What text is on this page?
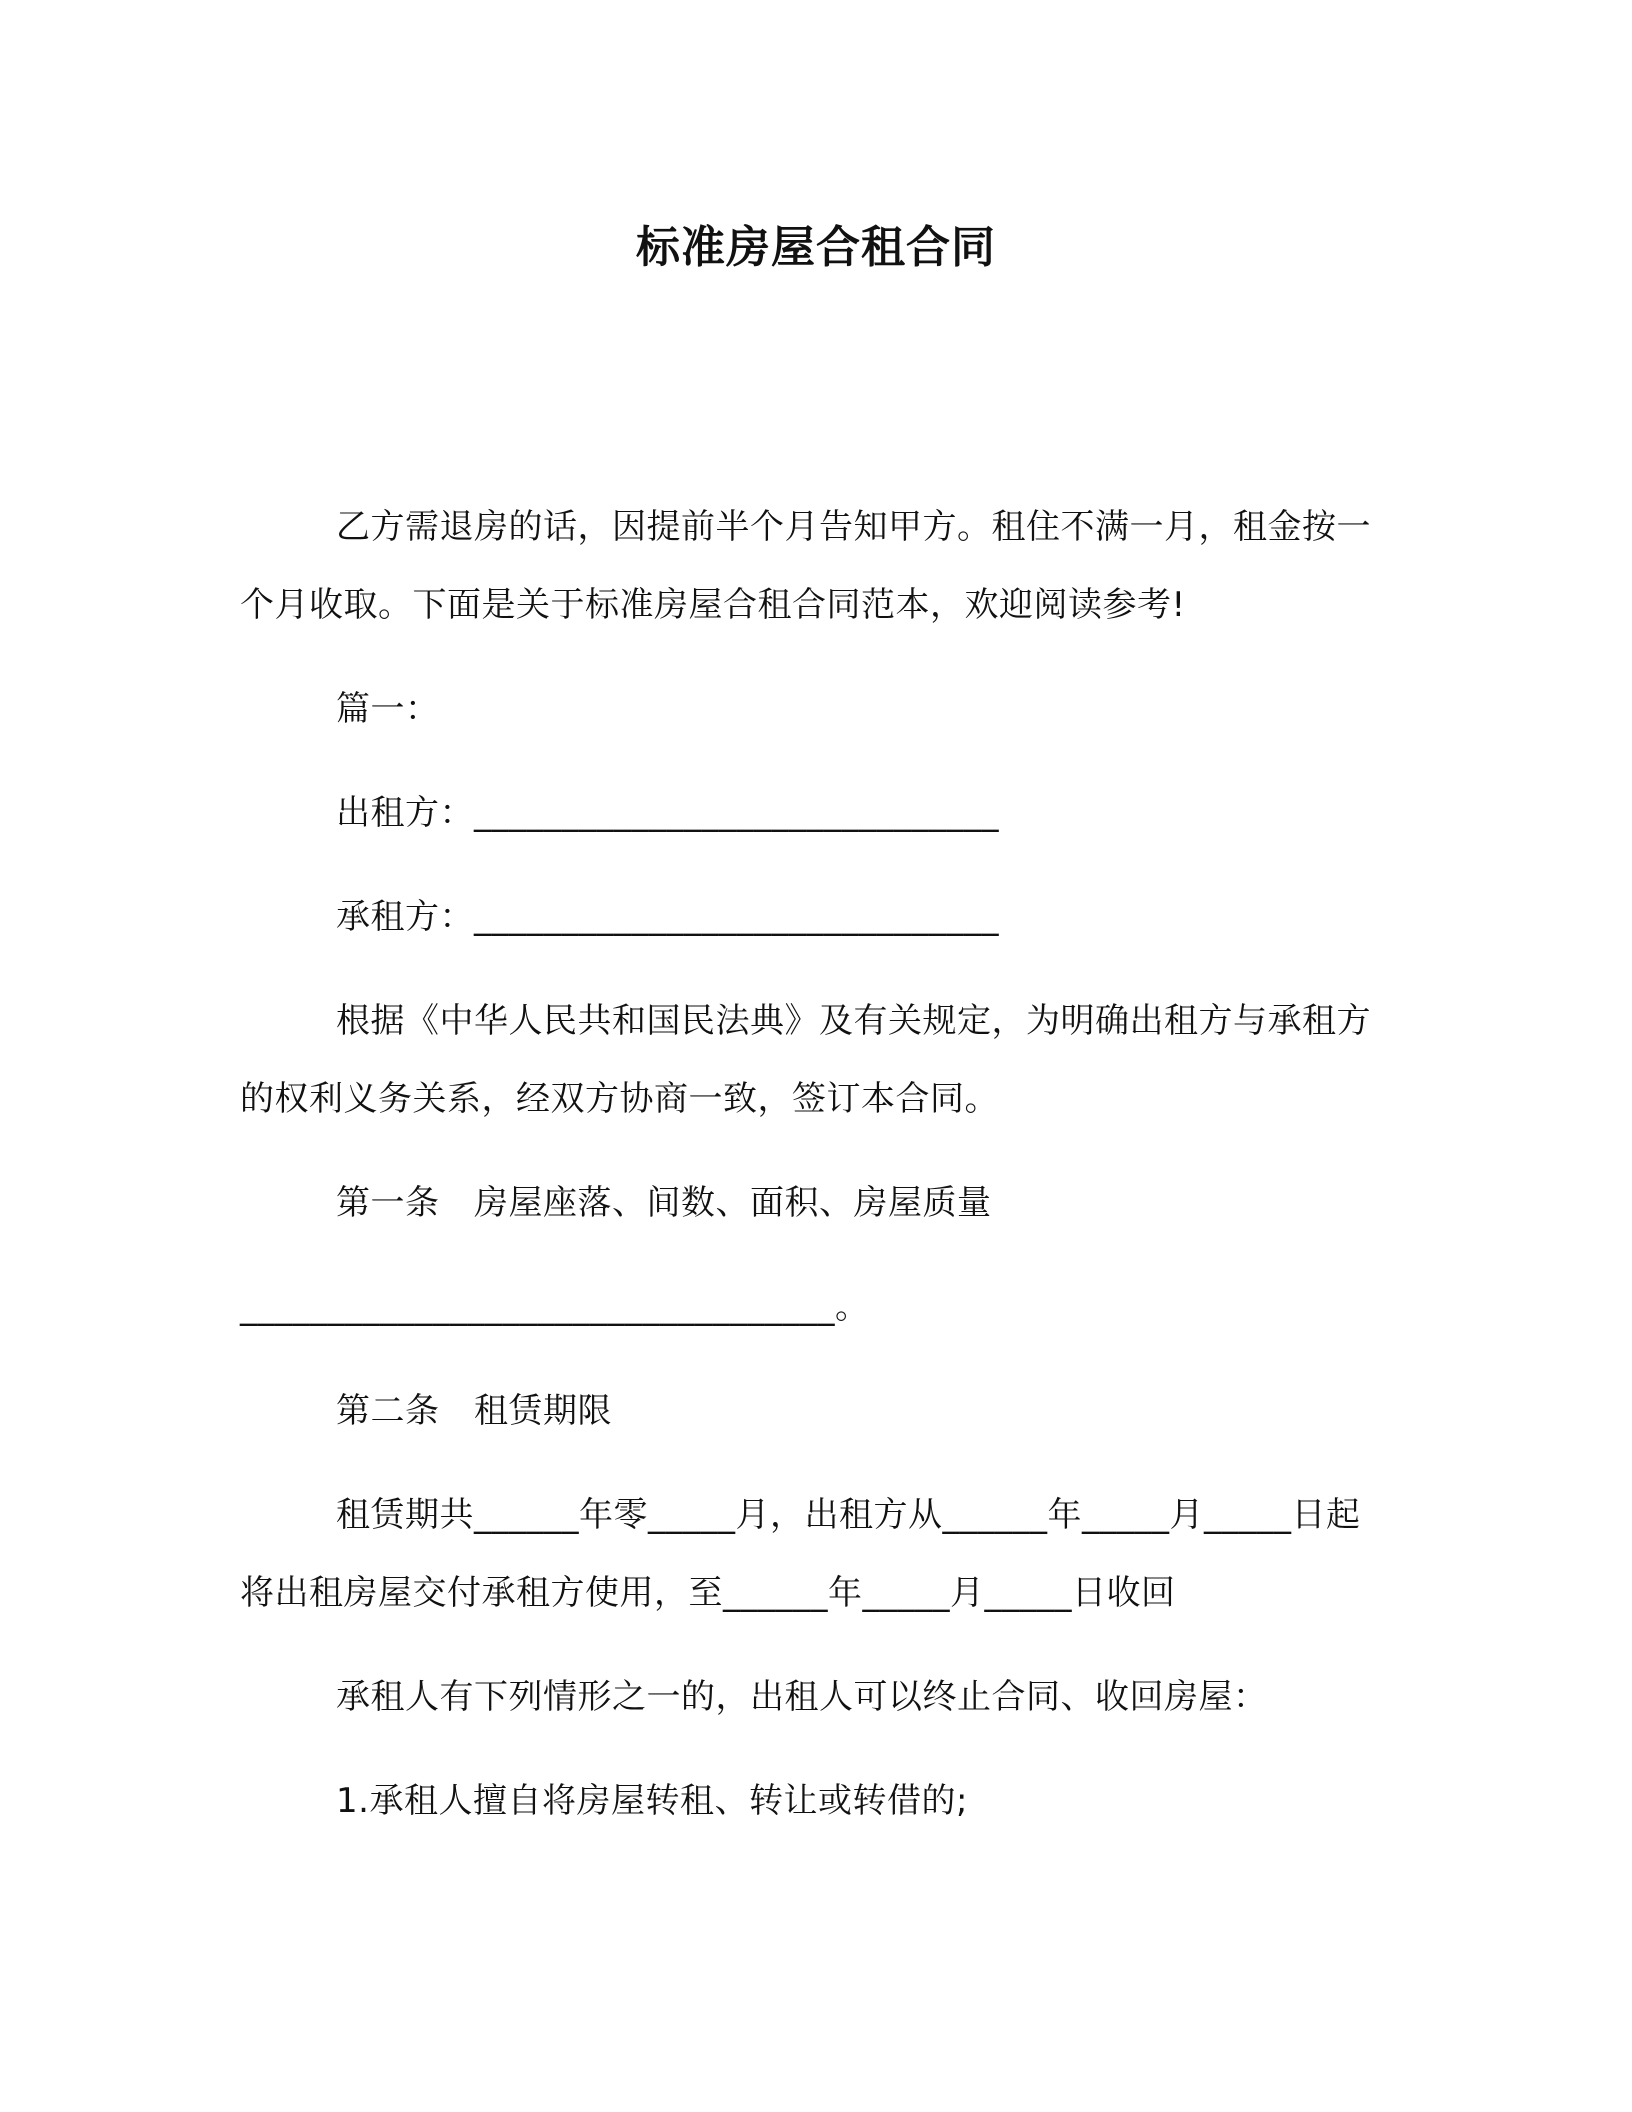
标准房屋合租合同

乙方需退房的话，因提前半个月告知甲方。租住不满一月，租金按一个月收取。下面是关于标准房屋合租合同范本，欢迎阅读参考!

篇一：

出租方：______________________________

承租方：______________________________

根据《中华人民共和国民法典》及有关规定，为明确出租方与承租方的权利义务关系，经双方协商一致，签订本合同。

第一条　房屋座落、间数、面积、房屋质量

__________________________________。

第二条　租赁期限

租赁期共______年零_____月，出租方从______年_____月_____日起将出租房屋交付承租方使用，至______年_____月_____日收回

承租人有下列情形之一的，出租人可以终止合同、收回房屋：

1.承租人擅自将房屋转租、转让或转借的;
